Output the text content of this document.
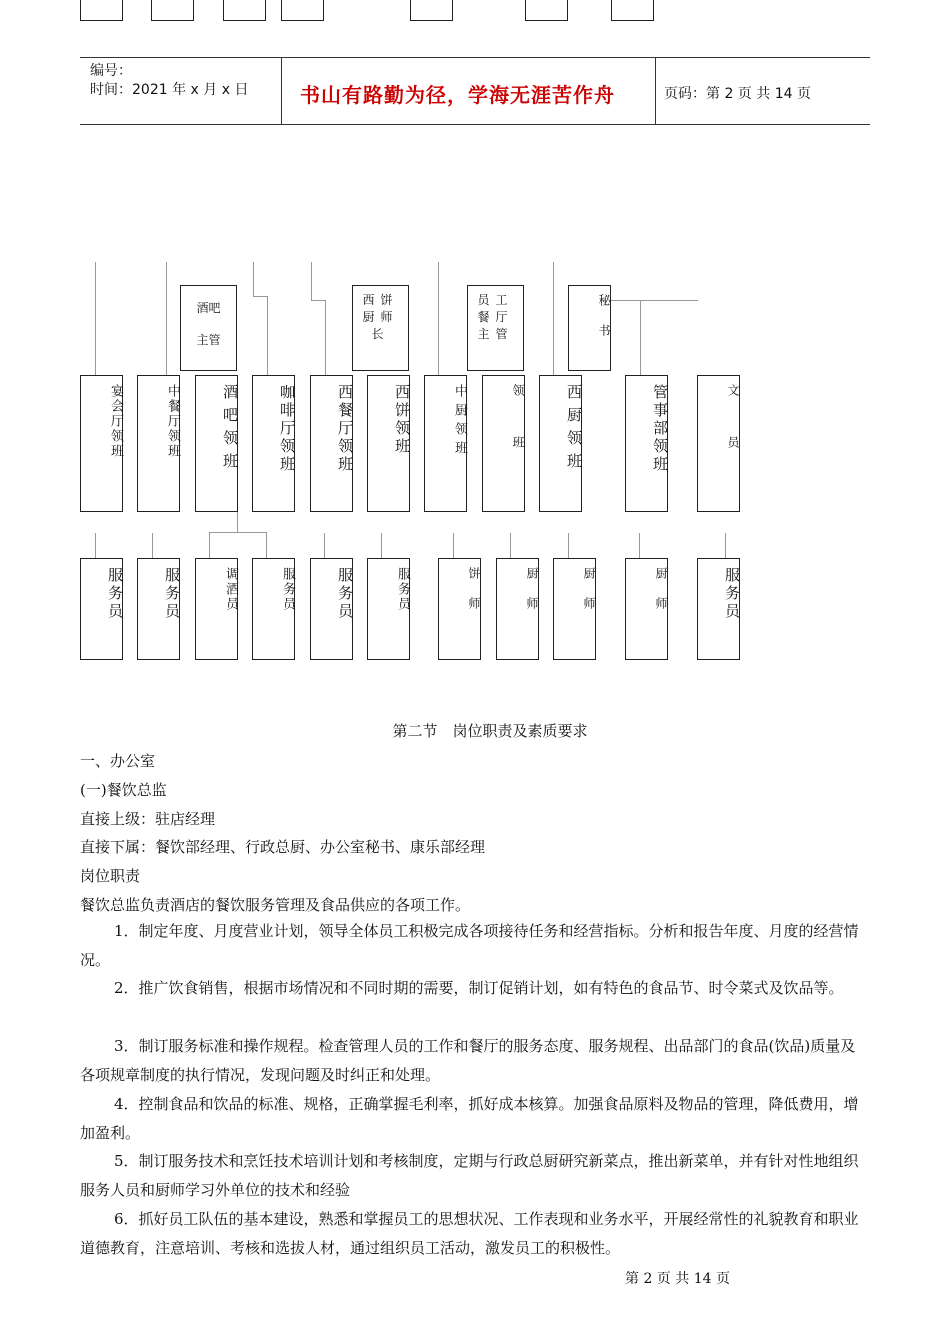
编号：
时间：2021 年 x 月 x 日	书山有路勤为径，学海无涯苦作舟	页码：第 2 页 共 14 页
酒吧主管
西饼厨师长
员工餐厅主管	秘书
宴会厅领班	中餐厅领班	酒吧领班	咖啡厅领班	西餐厅领班	西饼领班	中厨领班	领班	西厨领班	管事部领班	文员
服务员	服务员	调酒员	服务员	服务员	服务员	饼师	厨师	厨师	厨师	服务员
第二节　岗位职责及素质要求
一、办公室
(一)餐饮总监
直接上级：驻店经理
直接下属：餐饮部经理、行政总厨、办公室秘书、康乐部经理
岗位职责
餐饮总监负责酒店的餐饮服务管理及食品供应的各项工作。
1．制定年度、月度营业计划，领导全体员工积极完成各项接待任务和经营指标。分析和报告年度、月度的经营情况。
2．推广饮食销售，根据市场情况和不同时期的需要，制订促销计划，如有特色的食品节、时令菜式及饮品等。
3．制订服务标准和操作规程。检查管理人员的工作和餐厅的服务态度、服务规程、出品部门的食品(饮品)质量及各项规章制度的执行情况，发现问题及时纠正和处理。
4．控制食品和饮品的标准、规格，正确掌握毛利率，抓好成本核算。加强食品原料及物品的管理，降低费用，增加盈利。
5．制订服务技术和烹饪技术培训计划和考核制度，定期与行政总厨研究新菜点，推出新菜单，并有针对性地组织服务人员和厨师学习外单位的技术和经验
6．抓好员工队伍的基本建设，熟悉和掌握员工的思想状况、工作表现和业务水平，开展经常性的礼貌教育和职业道德教育，注意培训、考核和选拔人材，通过组织员工活动，激发员工的积极性。
第 2 页 共 14 页
